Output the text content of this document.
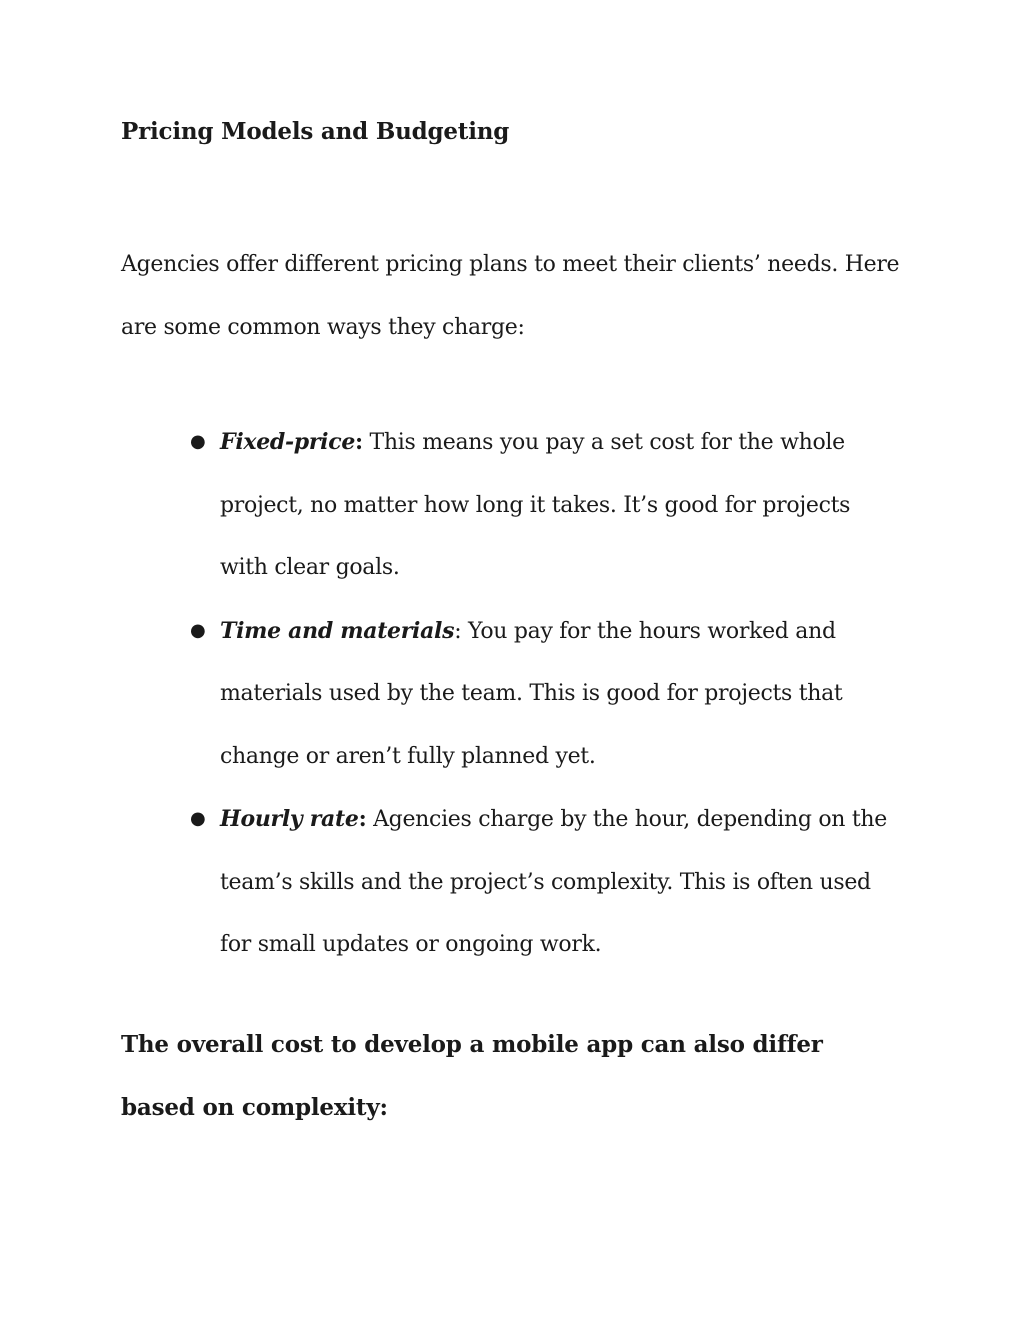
Pricing Models and Budgeting

Agencies offer different pricing plans to meet their clients’ needs. Here are some common ways they charge:

● Fixed-price: This means you pay a set cost for the whole project, no matter how long it takes. It’s good for projects with clear goals.
● Time and materials: You pay for the hours worked and materials used by the team. This is good for projects that change or aren’t fully planned yet.
● Hourly rate: Agencies charge by the hour, depending on the team’s skills and the project’s complexity. This is often used for small updates or ongoing work.

The overall cost to develop a mobile app can also differ based on complexity:
